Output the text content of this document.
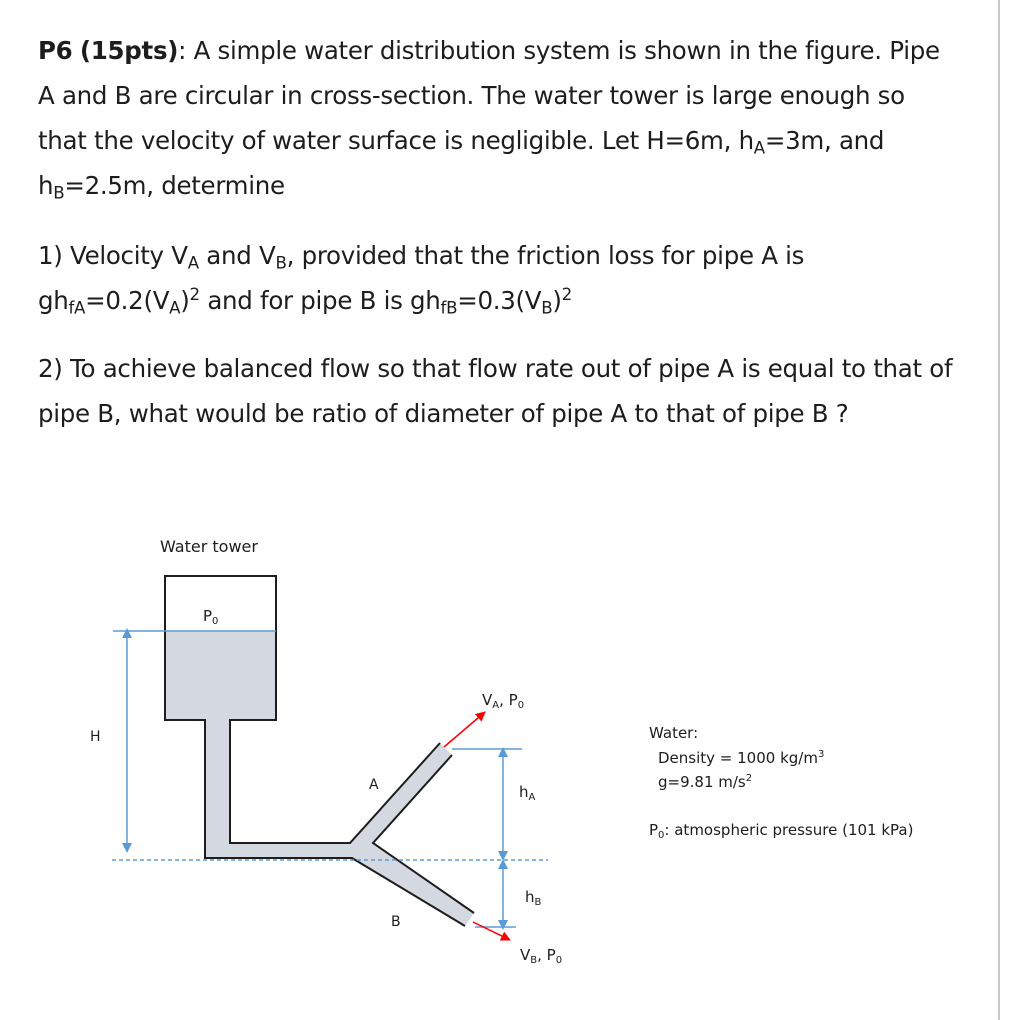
P6 (15pts): A simple water distribution system is shown in the figure. Pipe A and B are circular in cross-section. The water tower is large enough so that the velocity of water surface is negligible. Let H=6m, $h_A=3m$, and $h_B=2.5m$, determine
1) Velocity $V_A$ and $V_B$, provided that the friction loss for pipe A is $gh_{fA}=0.2(V_A)^2$ and for pipe B is $gh_{fB}=0.3(V_B)^2$
2) To achieve balanced flow so that flow rate out of pipe A is equal to that of pipe B, what would be ratio of diameter of pipe A to that of pipe B ?
Water tower
$P_0$
H
A
B
$V_A$, $P_0$
$h_A$
$h_B$
$V_B$, $P_0$
Water:
Density = 1000 $kg/m^3$
g=9.81 $m/s^2$
$P_0$: atmospheric pressure (101 kPa)
